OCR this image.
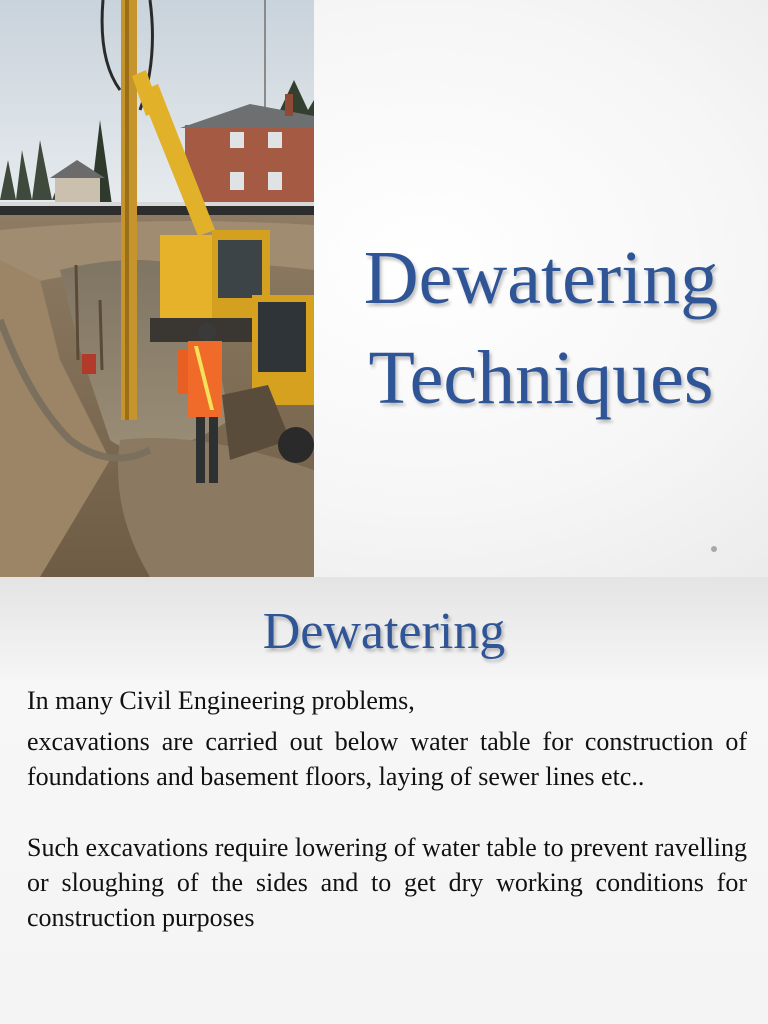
Dewatering
Techniques
Dewatering

In many Civil Engineering problems,

excavations are carried out below water table for construction of foundations and basement floors, laying of sewer lines etc..

Such excavations require lowering of water table to prevent ravelling or sloughing of the sides and to get dry working conditions for construction purposes
